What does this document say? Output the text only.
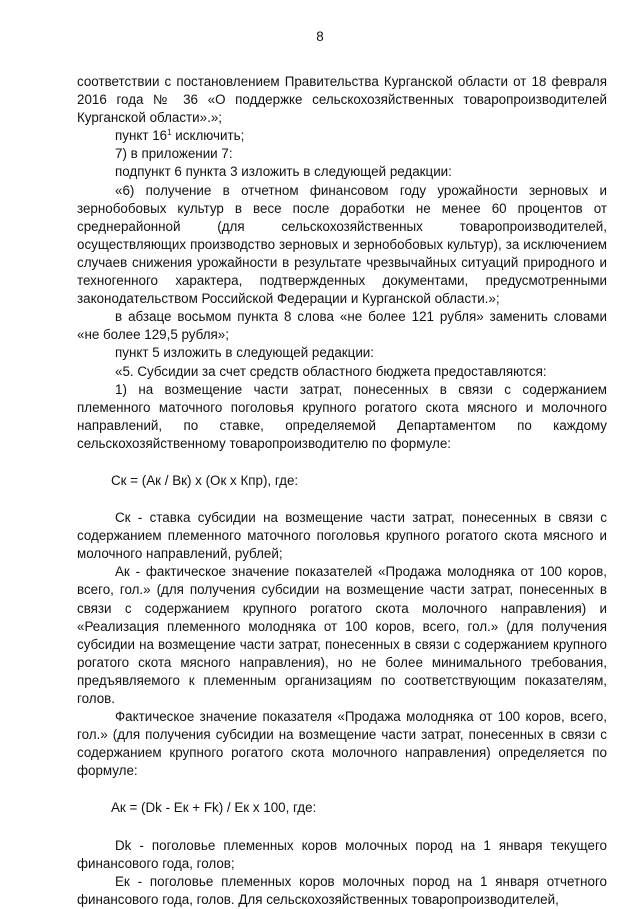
8

соответствии с постановлением Правительства Курганской области от 18 февраля 2016 года № 36 «О поддержке сельскохозяйственных товаропроизводителей Курганской области».»;

пункт $16^1$ исключить;

7) в приложении 7:

подпункт 6 пункта 3 изложить в следующей редакции:

«6) получение в отчетном финансовом году урожайности зерновых и зернобобовых культур в весе после доработки не менее 60 процентов от среднерайонной (для сельскохозяйственных товаропроизводителей, осуществляющих производство зерновых и зернобобовых культур), за исключением случаев снижения урожайности в результате чрезвычайных ситуаций природного и техногенного характера, подтвержденных документами, предусмотренными законодательством Российской Федерации и Курганской области.»;

в абзаце восьмом пункта 8 слова «не более 121 рубля» заменить словами «не более 129,5 рубля»;

пункт 5 изложить в следующей редакции:

«5. Субсидии за счет средств областного бюджета предоставляются:

1) на возмещение части затрат, понесенных в связи с содержанием племенного маточного поголовья крупного рогатого скота мясного и молочного направлений, по ставке, определяемой Департаментом по каждому сельскохозяйственному товаропроизводителю по формуле:

Ск = (Ак / Вк) х (Ок х Кпр), где:

Ск - ставка субсидии на возмещение части затрат, понесенных в связи с содержанием племенного маточного поголовья крупного рогатого скота мясного и молочного направлений, рублей;

Ак - фактическое значение показателей «Продажа молодняка от 100 коров, всего, гол.» (для получения субсидии на возмещение части затрат, понесенных в связи с содержанием крупного рогатого скота молочного направления) и «Реализация племенного молодняка от 100 коров, всего, гол.» (для получения субсидии на возмещение части затрат, понесенных в связи с содержанием крупного рогатого скота мясного направления), но не более минимального требования, предъявляемого к племенным организациям по соответствующим показателям, голов.

Фактическое значение показателя «Продажа молодняка от 100 коров, всего, гол.» (для получения субсидии на возмещение части затрат, понесенных в связи с содержанием крупного рогатого скота молочного направления) определяется по формуле:

Ак = (Dk - Ек + Fk) / Ек х 100, где:

Dk - поголовье племенных коров молочных пород на 1 января текущего финансового года, голов;

Ек - поголовье племенных коров молочных пород на 1 января отчетного финансового года, голов. Для сельскохозяйственных товаропроизводителей,
